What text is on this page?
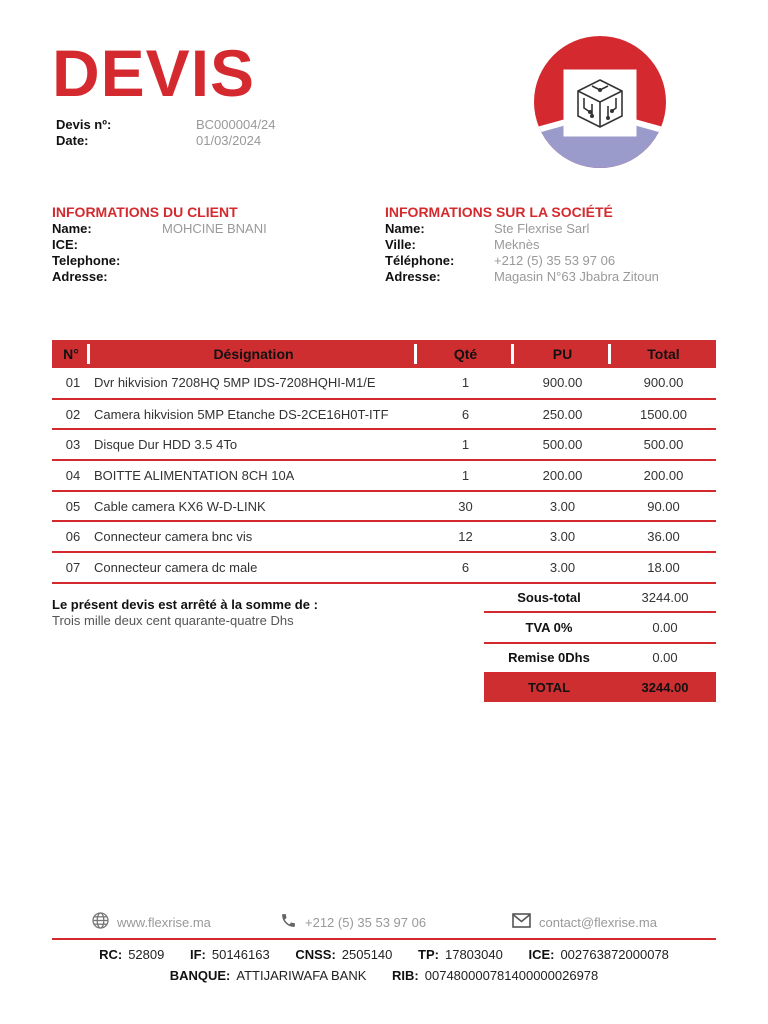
DEVIS
Devis nº:	BC000004/24
Date:	01/03/2024
INFORMATIONS DU CLIENT
Name:	MOHCINE BNANI
ICE:
Telephone:
Adresse:
INFORMATIONS SUR LA SOCIÉTÉ
Name:	Ste Flexrise Sarl
Ville:	Meknès
Téléphone:	+212 (5) 35 53 97 06
Adresse:	Magasin N°63 Jbabra Zitoun
N°	Désignation	Qté	PU	Total
01	Dvr hikvision 7208HQ 5MP IDS-7208HQHI-M1/E	1	900.00	900.00
02	Camera hikvision 5MP Etanche DS-2CE16H0T-ITF	6	250.00	1500.00
03	Disque Dur HDD 3.5 4To	1	500.00	500.00
04	BOITTE ALIMENTATION 8CH 10A	1	200.00	200.00
05	Cable camera KX6 W-D-LINK	30	3.00	90.00
06	Connecteur camera bnc vis	12	3.00	36.00
07	Connecteur camera dc male	6	3.00	18.00
Le présent devis est arrêté à la somme de :
Trois mille deux cent quarante-quatre Dhs
Sous-total	3244.00
TVA 0%	0.00
Remise 0Dhs	0.00
TOTAL	3244.00
www.flexrise.ma	+212 (5) 35 53 97 06	contact@flexrise.ma
RC: 52809 IF: 50146163 CNSS: 2505140 TP: 17803040 ICE: 002763872000078
BANQUE: ATTIJARIWAFA BANK RIB: 007480000781400000026978
